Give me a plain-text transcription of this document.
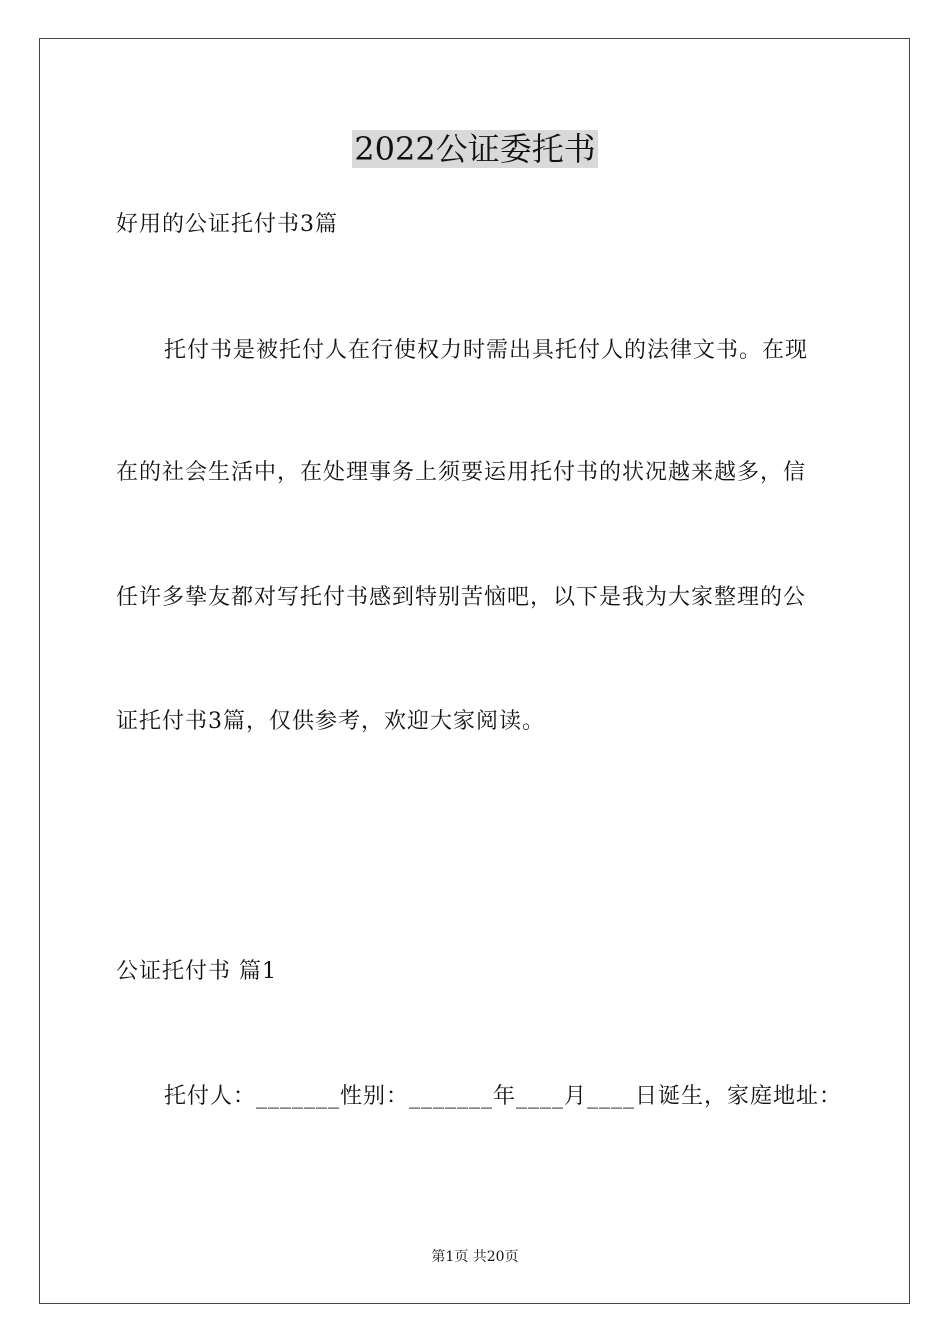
2022公证委托书
好用的公证托付书3篇
托付书是被托付人在行使权力时需出具托付人的法律文书。在现
在的社会生活中，在处理事务上须要运用托付书的状况越来越多，信
任许多挚友都对写托付书感到特别苦恼吧，以下是我为大家整理的公
证托付书3篇，仅供参考，欢迎大家阅读。
公证托付书 篇1
托付人：_______性别：_______年____月____日诞生，家庭地址：
第1页 共20页
